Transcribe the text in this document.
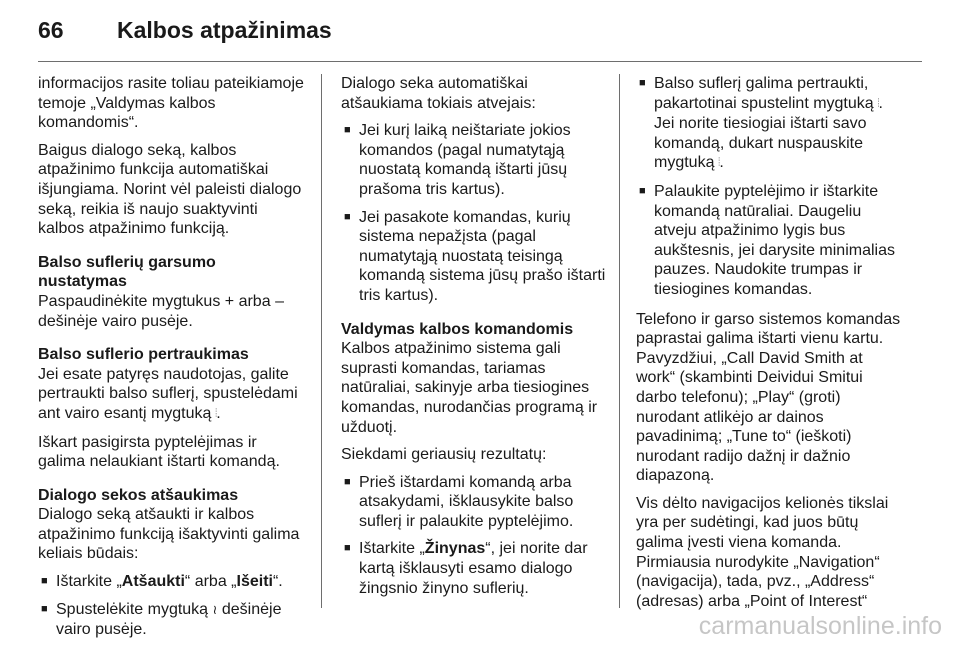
66 Kalbos atpažinimas

informacijos rasite toliau pateikiamoje temoje „Valdymas kalbos komandomis“.

Baigus dialogo seką, kalbos atpažinimo funkcija automatiškai išjungiama. Norint vėl paleisti dialogo seką, reikia iš naujo suaktyvinti kalbos atpažinimo funkciją.

Balso suflerių garsumo nustatymas

Paspaudinėkite mygtukus + arba –
dešinėje vairo pusėje.

Balso suflerio pertraukimas

Jei esate patyręs naudotojas, galite pertraukti balso suflerį, spustelėdami ant vairo esantį mygtuką 𝄄.

Iškart pasigirsta pyptelėjimas ir galima nelaukiant ištarti komandą.

Dialogo sekos atšaukimas

Dialogo seką atšaukti ir kalbos atpažinimo funkciją išaktyvinti galima keliais būdais:

■ Ištarkite „Atšaukti“ arba „Išeiti“.
■ Spustelėkite mygtuką ≀ dešinėje vairo pusėje.

Dialogo seka automatiškai atšaukiama tokiais atvejais:

■ Jei kurį laiką neištariate jokios komandos (pagal numatytąją nuostatą komandą ištarti jūsų prašoma tris kartus).
■ Jei pasakote komandas, kurių sistema nepažįsta (pagal numatytąją nuostatą teisingą komandą sistema jūsų prašo ištarti tris kartus).
Valdymas kalbos komandomis

Kalbos atpažinimo sistema gali suprasti komandas, tariamas natūraliai, sakinyje arba tiesiogines komandas, nurodančias programą ir užduotį.

Siekdami geriausių rezultatų:

■ Prieš ištardami komandą arba atsakydami, išklausykite balso suflerį ir palaukite pyptelėjimo.
■ Ištarkite „Žinynas“, jei norite dar kartą išklausyti esamo dialogo žingsnio žinyno suflerių.
■ Balso suflerį galima pertraukti, pakartotinai spustelint mygtuką 𝄄. Jei norite tiesiogiai ištarti savo komandą, dukart nuspauskite mygtuką 𝄄.
■ Palaukite pyptelėjimo ir ištarkite komandą natūraliai. Daugeliu atveju atpažinimo lygis bus aukštesnis, jei darysite minimalias pauzes. Naudokite trumpas ir tiesiogines komandas.

Telefono ir garso sistemos komandas paprastai galima ištarti vienu kartu. Pavyzdžiui, „Call David Smith at work“ (skambinti Deividui Smitui darbo telefonu); „Play“ (groti) nurodant atlikėjo ar dainos pavadinimą; „Tune to“ (ieškoti) nurodant radijo dažnį ir dažnio diapazoną.

Vis dėlto navigacijos kelionės tikslai yra per sudėtingi, kad juos būtų galima įvesti viena komanda. Pirmiausia nurodykite „Navigation“ (navigacija), tada, pvz., „Address“ (adresas) arba „Point of Interest“

carmanualsonline.info
